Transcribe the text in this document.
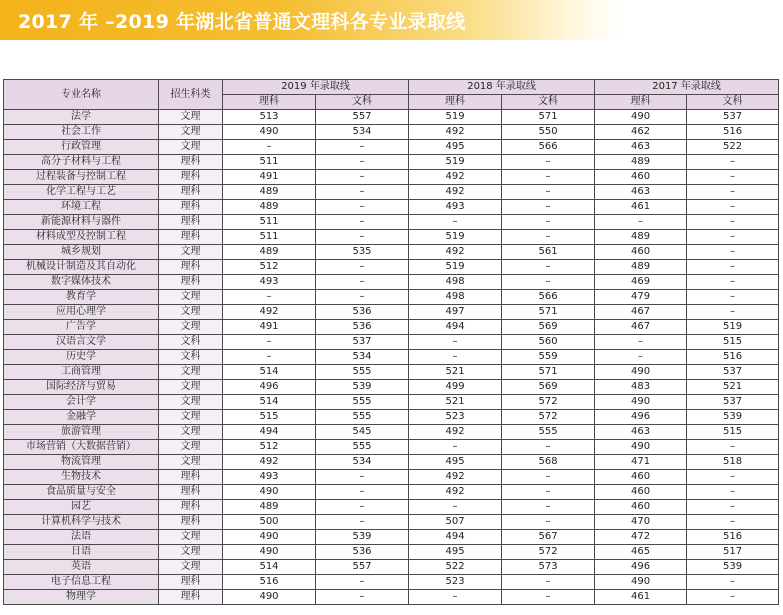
2017 年 –2019 年湖北省普通文理科各专业录取线
专业名称	招生科类	2019 年录取线		2018 年录取线		2017 年录取线	
		理科	文科	理科	文科	理科	文科
法学	文理	513	557	519	571	490	537
社会工作	文理	490	534	492	550	462	516
行政管理	文理	–	–	495	566	463	522
高分子材料与工程	理科	511	–	519	–	489	–
过程装备与控制工程	理科	491	–	492	–	460	–
化学工程与工艺	理科	489	–	492	–	463	–
环境工程	理科	489	–	493	–	461	–
新能源材料与器件	理科	511	–	–	–	–	–
材料成型及控制工程	理科	511	–	519	–	489	–
城乡规划	文理	489	535	492	561	460	–
机械设计制造及其自动化	理科	512	–	519	–	489	–
数字媒体技术	理科	493	–	498	–	469	–
教育学	文理	–	–	498	566	479	–
应用心理学	文理	492	536	497	571	467	–
广告学	文理	491	536	494	569	467	519
汉语言文学	文科	–	537	–	560	–	515
历史学	文科	–	534	–	559	–	516
工商管理	文理	514	555	521	571	490	537
国际经济与贸易	文理	496	539	499	569	483	521
会计学	文理	514	555	521	572	490	537
金融学	文理	515	555	523	572	496	539
旅游管理	文理	494	545	492	555	463	515
市场营销（大数据营销）	文理	512	555	–	–	490	–
物流管理	文理	492	534	495	568	471	518
生物技术	理科	493	–	492	–	460	–
食品质量与安全	理科	490	–	492	–	460	–
园艺	理科	489	–	–	–	460	–
计算机科学与技术	理科	500	–	507	–	470	–
法语	文理	490	539	494	567	472	516
日语	文理	490	536	495	572	465	517
英语	文理	514	557	522	573	496	539
电子信息工程	理科	516	–	523	–	490	–
物理学	理科	490	–	–	–	461	–
